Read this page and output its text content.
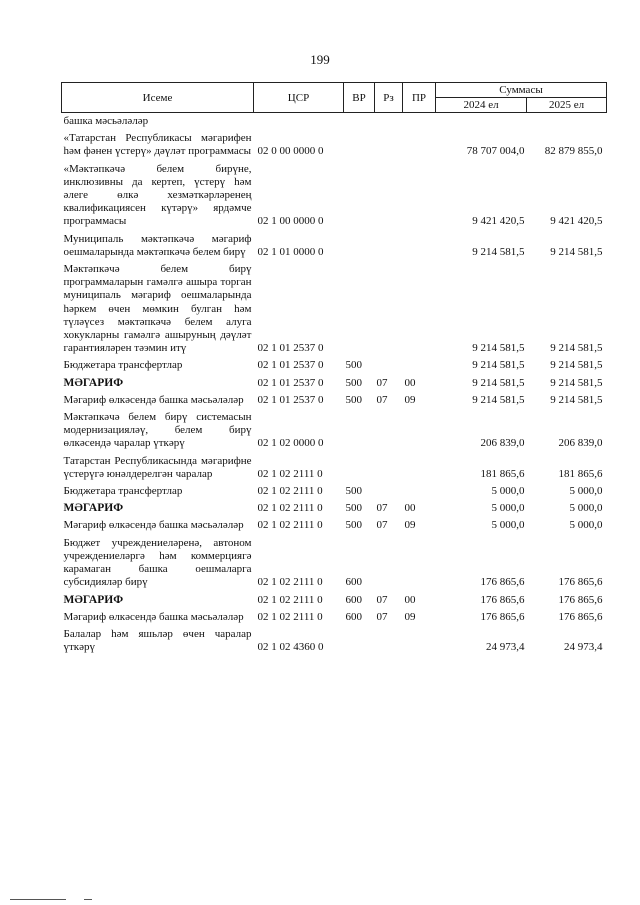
199
Исеме	ЦСР	ВР	Рз	ПР	Суммасы	
					2024 ел	2025 ел
башка мәсьәләләр						
«Татарстан Республикасы мәгарифен һәм фәнен үстерү» дәүләт программасы	02 0 00 0000 0				78 707 004,0	82 879 855,0
«Мәктәпкәчә белем бирүне, инклюзивны да кертеп, үстерү һәм әлеге өлкә хезмәткәрләренең квалификациясен күтәрү» ярдәмче программасы	02 1 00 0000 0				9 421 420,5	9 421 420,5
Муниципаль мәктәпкәчә мәгариф оешмаларында мәктәпкәчә белем бирү	02 1 01 0000 0				9 214 581,5	9 214 581,5
Мәктәпкәчә белем бирү программаларын гамәлгә ашыра торган муниципаль мәгариф оешмаларында һәркем өчен мөмкин булган һәм түләүсез мәктәпкәчә белем алуга хокукларны гамәлгә ашыруның дәүләт гарантияләрен тәэмин итү	02 1 01 2537 0				9 214 581,5	9 214 581,5
Бюджетара трансфертлар	02 1 01 2537 0	500			9 214 581,5	9 214 581,5
МӘГАРИФ	02 1 01 2537 0	500	07	00	9 214 581,5	9 214 581,5
Мәгариф өлкәсендә башка мәсьәләләр	02 1 01 2537 0	500	07	09	9 214 581,5	9 214 581,5
Мәктәпкәчә белем бирү системасын модернизацияләү, белем бирү өлкәсендә чаралар үткәрү	02 1 02 0000 0				206 839,0	206 839,0
Татарстан Республикасында мәгарифне үстерүгә юнәлдерелгән чаралар	02 1 02 2111 0				181 865,6	181 865,6
Бюджетара трансфертлар	02 1 02 2111 0	500			5 000,0	5 000,0
МӘГАРИФ	02 1 02 2111 0	500	07	00	5 000,0	5 000,0
Мәгариф өлкәсендә башка мәсьәләләр	02 1 02 2111 0	500	07	09	5 000,0	5 000,0
Бюджет учреждениеләренә, автоном учреждениеләргә һәм коммерциягә карамаган башка оешмаларга субсидияләр бирү	02 1 02 2111 0	600			176 865,6	176 865,6
МӘГАРИФ	02 1 02 2111 0	600	07	00	176 865,6	176 865,6
Мәгариф өлкәсендә башка мәсьәләләр	02 1 02 2111 0	600	07	09	176 865,6	176 865,6
Балалар һәм яшьләр өчен чаралар үткәрү	02 1 02 4360 0				24 973,4	24 973,4
